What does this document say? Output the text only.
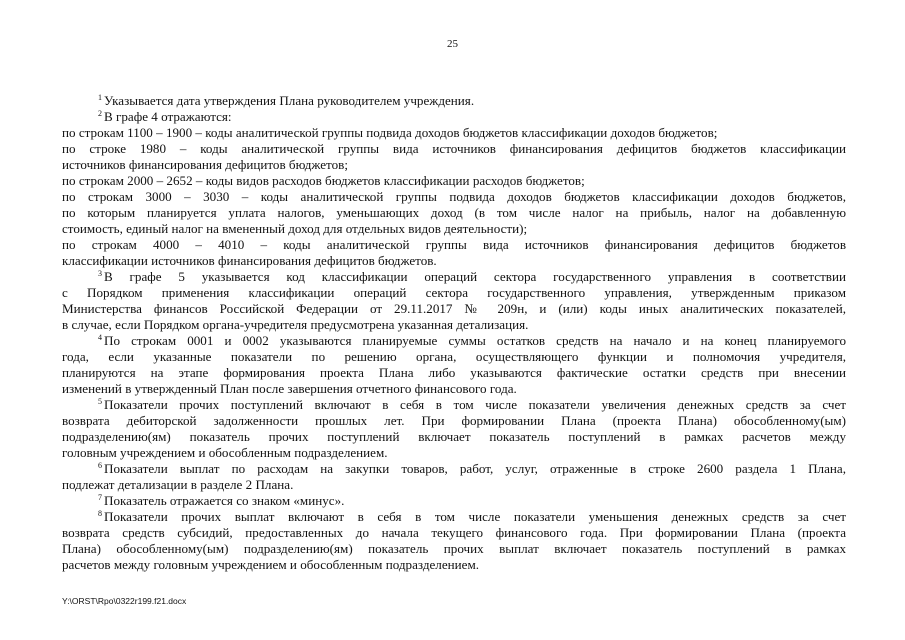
25
$^1$ Указывается дата утверждения Плана руководителем учреждения.
$^2$ В графе 4 отражаются:
по строкам 1100 – 1900 – коды аналитической группы подвида доходов бюджетов классификации доходов бюджетов;
по строке 1980 – коды аналитической группы вида источников финансирования дефицитов бюджетов классификации
источников финансирования дефицитов бюджетов;
по строкам 2000 – 2652 – коды видов расходов бюджетов классификации расходов бюджетов;
по строкам 3000 – 3030 – коды аналитической группы подвида доходов бюджетов классификации доходов бюджетов,
по которым планируется уплата налогов, уменьшающих доход (в том числе налог на прибыль, налог на добавленную
стоимость, единый налог на вмененный доход для отдельных видов деятельности);
по строкам 4000 – 4010 – коды аналитической группы вида источников финансирования дефицитов бюджетов
классификации источников финансирования дефицитов бюджетов.
$^3$ В графе 5 указывается код классификации операций сектора государственного управления в соответствии
с Порядком применения классификации операций сектора государственного управления, утвержденным приказом
Министерства финансов Российской Федерации от 29.11.2017 № 209н, и (или) коды иных аналитических показателей,
в случае, если Порядком органа-учредителя предусмотрена указанная детализация.
$^4$ По строкам 0001 и 0002 указываются планируемые суммы остатков средств на начало и на конец планируемого
года, если указанные показатели по решению органа, осуществляющего функции и полномочия учредителя,
планируются на этапе формирования проекта Плана либо указываются фактические остатки средств при внесении
изменений в утвержденный План после завершения отчетного финансового года.
$^5$ Показатели прочих поступлений включают в себя в том числе показатели увеличения денежных средств за счет
возврата дебиторской задолженности прошлых лет. При формировании Плана (проекта Плана) обособленному(ым)
подразделению(ям) показатель прочих поступлений включает показатель поступлений в рамках расчетов между
головным учреждением и обособленным подразделением.
$^6$ Показатели выплат по расходам на закупки товаров, работ, услуг, отраженные в строке 2600 раздела 1 Плана,
подлежат детализации в разделе 2 Плана.
$^7$ Показатель отражается со знаком «минус».
$^8$ Показатели прочих выплат включают в себя в том числе показатели уменьшения денежных средств за счет
возврата средств субсидий, предоставленных до начала текущего финансового года. При формировании Плана (проекта
Плана) обособленному(ым) подразделению(ям) показатель прочих выплат включает показатель поступлений в рамках
расчетов между головным учреждением и обособленным подразделением.
Y:\ORST\Rpo\0322r199.f21.docx
